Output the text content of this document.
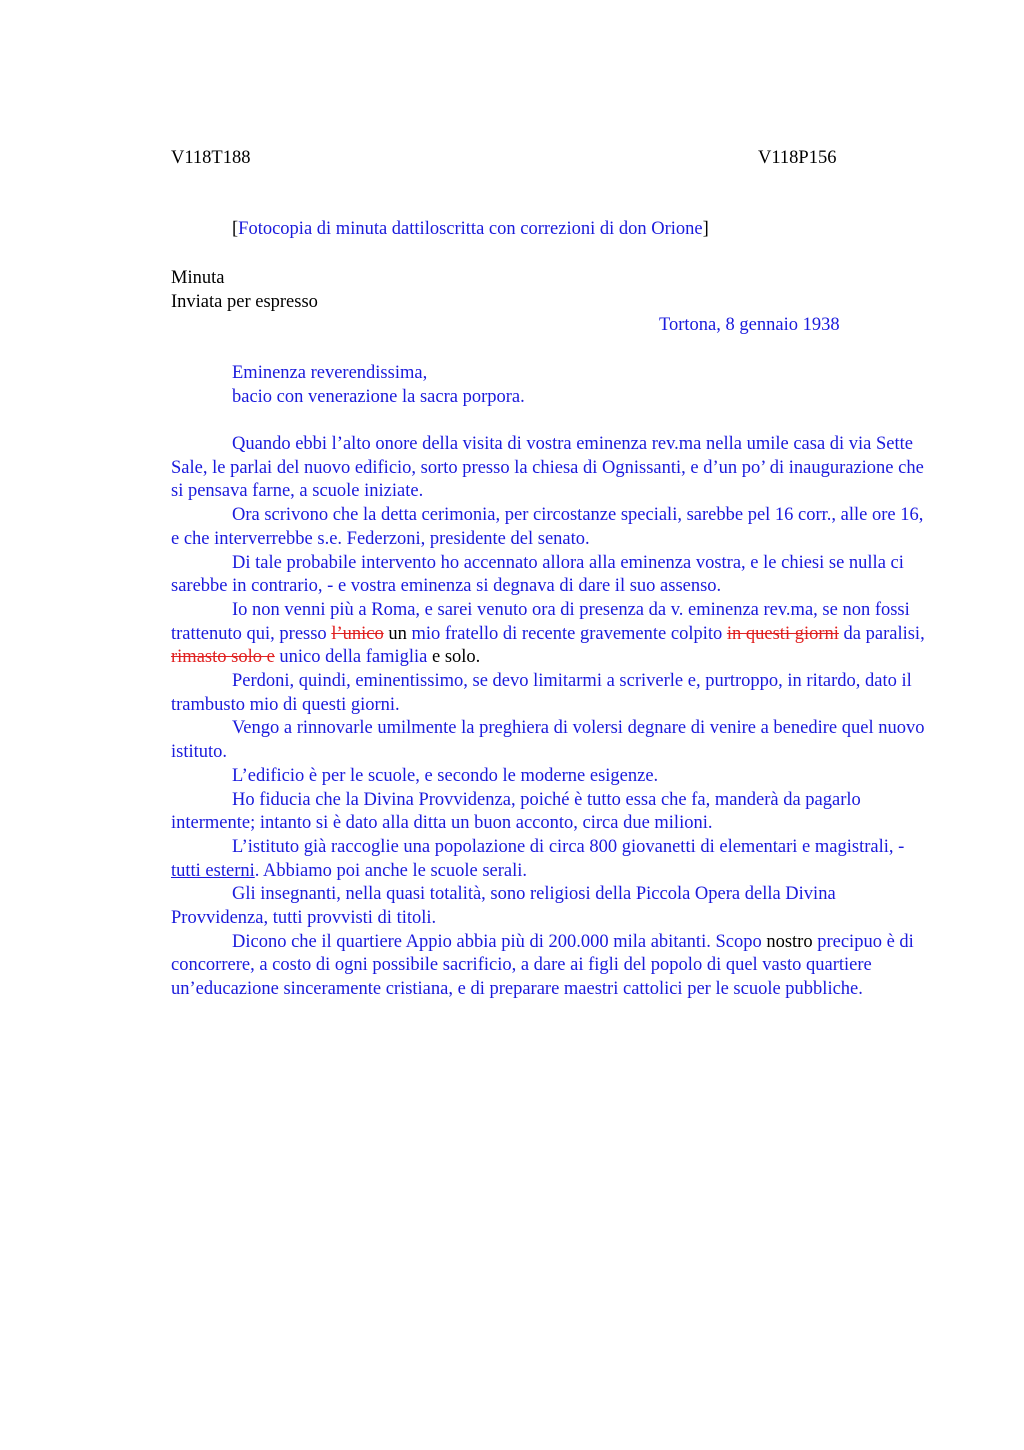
V118T188	V118P156
[Fotocopia di minuta dattiloscritta con correzioni di don Orione]
Minuta
Inviata per espresso
Tortona, 8 gennaio 1938
Eminenza reverendissima,
bacio con venerazione la sacra porpora.

Quando ebbi l’alto onore della visita di vostra eminenza rev.ma nella umile casa di via Sette Sale, le parlai del nuovo edificio, sorto presso la chiesa di Ognissanti, e d’un po’ di inaugurazione che si pensava farne, a scuole iniziate.

Ora scrivono che la detta cerimonia, per circostanze speciali, sarebbe pel 16 corr., alle ore 16, e che interverrebbe s.e. Federzoni, presidente del senato.

Di tale probabile intervento ho accennato allora alla eminenza vostra, e le chiesi se nulla ci sarebbe in contrario, - e vostra eminenza si degnava di dare il suo assenso.

Io non venni più a Roma, e sarei venuto ora di presenza da v. eminenza rev.ma, se non fossi trattenuto qui, presso l’unico un mio fratello di recente gravemente colpito in questi giorni da paralisi, rimasto solo e unico della famiglia e solo.

Perdoni, quindi, eminentissimo, se devo limitarmi a scriverle e, purtroppo, in ritardo, dato il trambusto mio di questi giorni.

Vengo a rinnovarle umilmente la preghiera di volersi degnare di venire a benedire quel nuovo istituto.

L’edificio è per le scuole, e secondo le moderne esigenze.

Ho fiducia che la Divina Provvidenza, poiché è tutto essa che fa, manderà da pagarlo intermente; intanto si è dato alla ditta un buon acconto, circa due milioni.

L’istituto già raccoglie una popolazione di circa 800 giovanetti di elementari e magistrali, - tutti esterni. Abbiamo poi anche le scuole serali.

Gli insegnanti, nella quasi totalità, sono religiosi della Piccola Opera della Divina Provvidenza, tutti provvisti di titoli.

Dicono che il quartiere Appio abbia più di 200.000 mila abitanti. Scopo nostro precipuo è di concorrere, a costo di ogni possibile sacrificio, a dare ai figli del popolo di quel vasto quartiere un’educazione sinceramente cristiana, e di preparare maestri cattolici per le scuole pubbliche.
